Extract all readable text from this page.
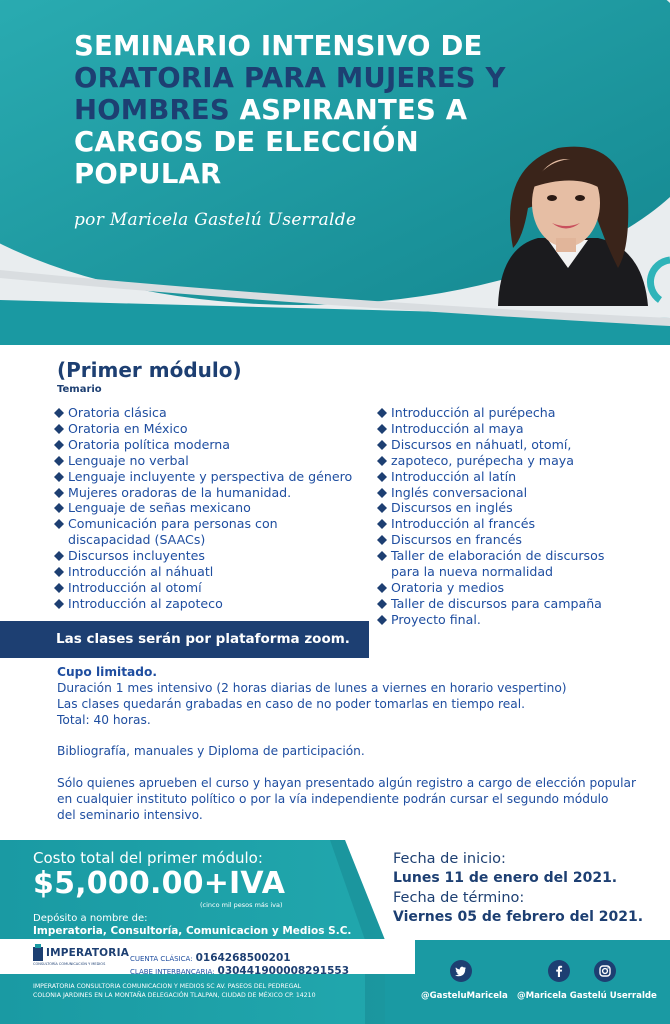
SEMINARIO INTENSIVO DE
ORATORIA PARA MUJERES Y
HOMBRES ASPIRANTES A
CARGOS DE ELECCIÓN
POPULAR
por Maricela Gastelú Userralde
(Primer módulo)
Temario
Oratoria clásica
Oratoria en México
Oratoria política moderna
Lenguaje no verbal
Lenguaje incluyente y perspectiva de género
Mujeres oradoras de la humanidad.
Lenguaje de señas mexicano
Comunicación para personas con
discapacidad (SAACs)
Discursos incluyentes
Introducción al náhuatl
Introducción al otomí
Introducción al zapoteco
Introducción al purépecha
Introducción al maya
Discursos en náhuatl, otomí,
zapoteco, purépecha y maya
Introducción al latín
Inglés conversacional
Discursos en inglés
Introducción al francés
Discursos en francés
Taller de elaboración de discursos
para la nueva normalidad
Oratoria y medios
Taller de discursos para campaña
Proyecto final.
Las clases serán por plataforma zoom.
Cupo limitado.
Duración 1 mes intensivo (2 horas diarias de lunes a viernes en horario vespertino)
Las clases quedarán grabadas en caso de no poder tomarlas en tiempo real.
Total: 40 horas.
Bibliografía, manuales y Diploma de participación.
Sólo quienes aprueben el curso y hayan presentado algún registro a cargo de elección popular
en cualquier instituto político o por la vía independiente podrán cursar el segundo módulo
del seminario intensivo.
Costo total del primer módulo:
$5,000.00+IVA
(cinco mil pesos más iva)
Depósito a nombre de:
Imperatoria, Consultoría, Comunicacion y Medios S.C.
Fecha de inicio:
Lunes 11 de enero del 2021.
Fecha de término:
Viernes 05 de febrero del 2021.
IMPERATORIA
CONSULTORÍA COMUNICACIÓN Y MEDIOS
CUENTA CLÁSICA: 0164268500201
CLABE INTERBANCARIA: 030441900008291553
IMPERATORIA CONSULTORIA COMUNICACION Y MEDIOS SC AV. PASEOS DEL PEDREGAL
COLONIA JARDINES EN LA MONTAÑA DELEGACIÓN TLALPAN, CIUDAD DE MÉXICO CP. 14210	@GasteluMaricela @Maricela Gastelú Userralde
